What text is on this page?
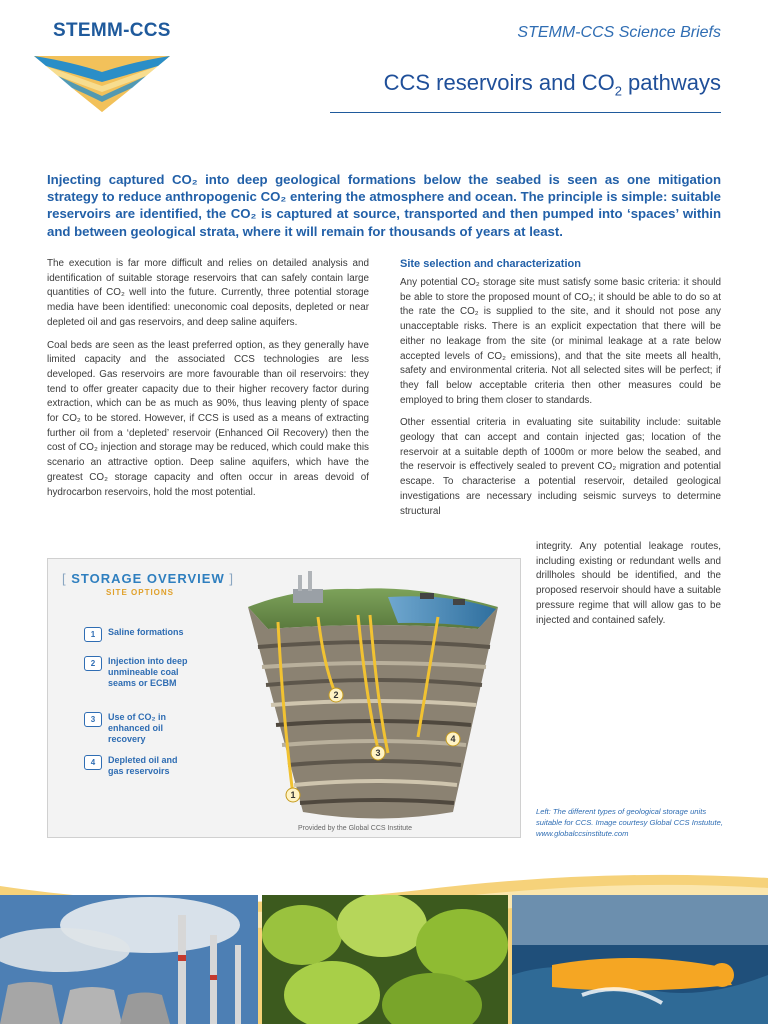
STEMM-CCS	STEMM-CCS Science Briefs
CCS reservoirs and $CO_2$ pathways

Injecting captured CO₂ into deep geological formations below the seabed is seen as one mitigation strategy to reduce anthropogenic CO₂ entering the atmosphere and ocean. The principle is simple: suitable reservoirs are identified, the CO₂ is captured at source, transported and then pumped into ‘spaces’ within and between geological strata, where it will remain for thousands of years at least.

The execution is far more difficult and relies on detailed analysis and identification of suitable storage reservoirs that can safely contain large quantities of CO₂ well into the future. Currently, three potential storage media have been identified: uneconomic coal deposits, depleted or near depleted oil and gas reservoirs, and deep saline aquifers.

Coal beds are seen as the least preferred option, as they generally have limited capacity and the associated CCS technologies are less developed. Gas reservoirs are more favourable than oil reservoirs: they tend to offer greater capacity due to their higher recovery factor during extraction, which can be as much as 90%, thus leaving plenty of space for CO₂ to be stored. However, if CCS is used as a means of extracting further oil from a ‘depleted’ reservoir (Enhanced Oil Recovery) then the cost of CO₂ injection and storage may be reduced, which could make this scenario an attractive option. Deep saline aquifers, which have the greatest CO₂ storage capacity and often occur in areas devoid of hydrocarbon reservoirs, hold the most potential.

Site selection and characterization

Any potential CO₂ storage site must satisfy some basic criteria: it should be able to store the proposed mount of CO₂; it should be able to do so at the rate the CO₂ is supplied to the site, and it should not pose any unacceptable risks. There is an explicit expectation that there will be either no leakage from the site (or minimal leakage at a rate below accepted levels of CO₂ emissions), and that the site meets all health, safety and environmental criteria. Not all selected sites will be perfect; if they fall below acceptable criteria then other measures could be employed to bring them closer to standards.

Other essential criteria in evaluating site suitability include: suitable geology that can accept and contain injected gas; location of the reservoir at a suitable depth of 1000m or more below the seabed, and the reservoir is effectively sealed to prevent CO₂ migration and potential escape. To characterise a potential reservoir, detailed geological investigations are necessary including seismic surveys to determine structural

integrity. Any potential leakage routes, including existing or redundant wells and drillholes should be identified, and the proposed reservoir should have a suitable pressure regime that will allow gas to be injected and contained safely.

[ STORAGE OVERVIEW ]
SITE OPTIONS
1	Saline formations
2	Injection into deep unmineable coal seams or ECBM
3	Use of CO₂ in enhanced oil recovery
4	Depleted oil and gas reservoirs
1
2
3
4
Provided by the Global CCS Institute
Left: The different types of geological storage units suitable for CCS. Image courtesy Global CCS Instutute, www.globalccsinstitute.com
